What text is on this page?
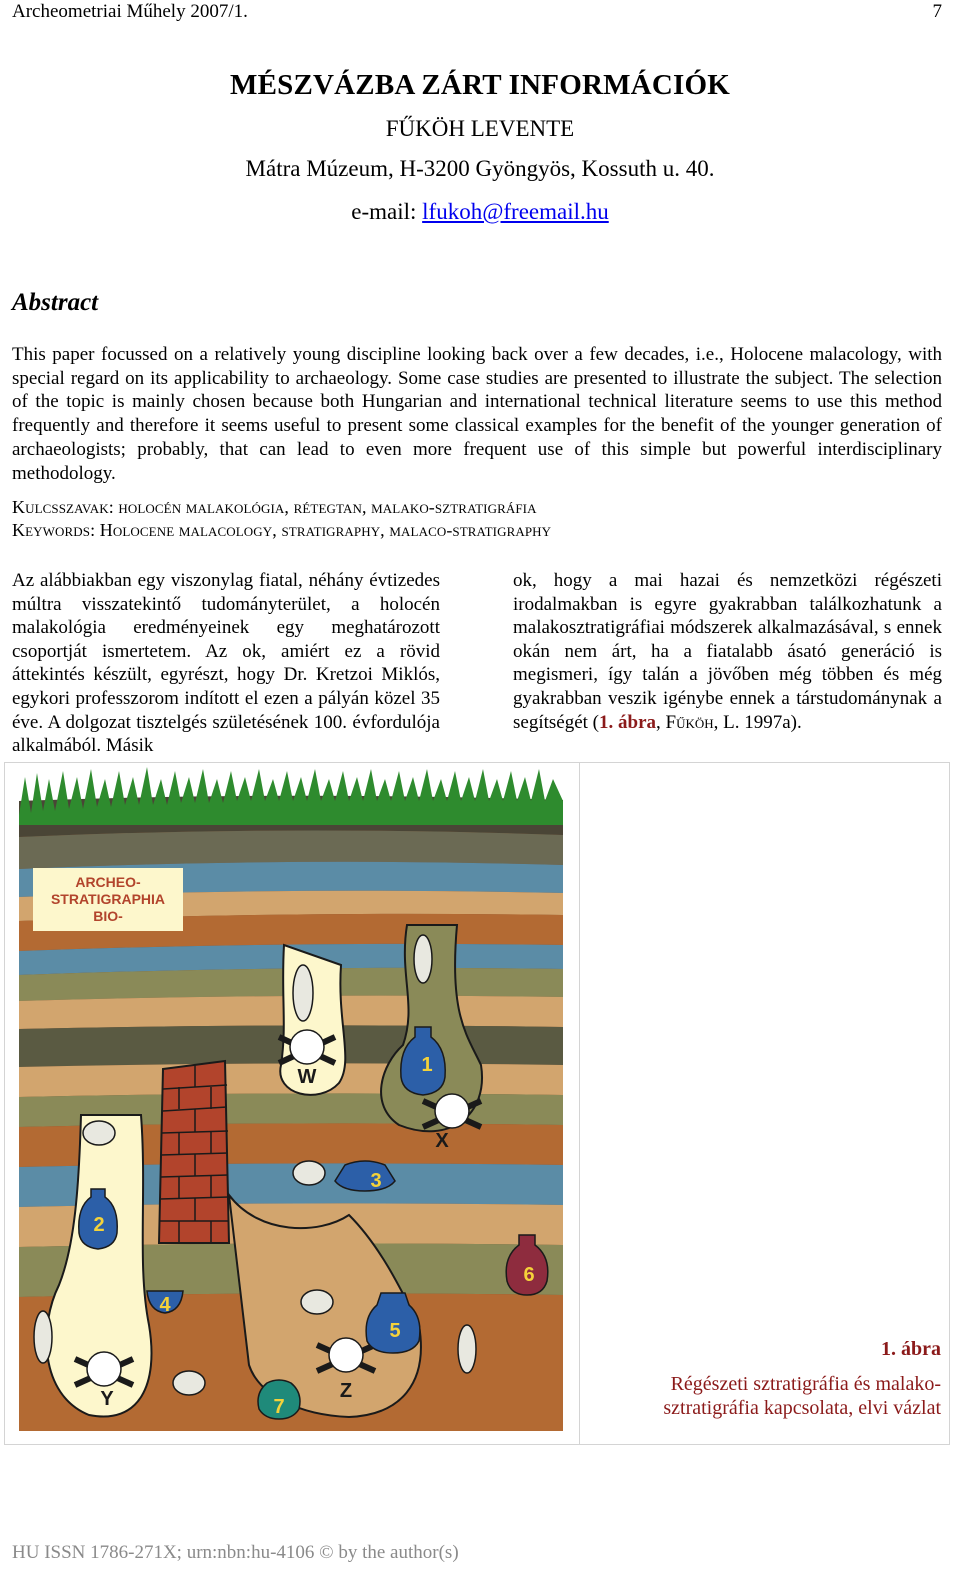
Archeometriai Műhely 2007/1.	7
MÉSZVÁZBA ZÁRT INFORMÁCIÓK
FŰKÖH LEVENTE
Mátra Múzeum, H-3200 Gyöngyös, Kossuth u. 40.
e-mail: lfukoh@freemail.hu
Abstract
This paper focussed on a relatively young discipline looking back over a few decades, i.e., Holocene malacology, with special regard on its applicability to archaeology. Some case studies are presented to illustrate the subject. The selection of the topic is mainly chosen because both Hungarian and international technical literature seems to use this method frequently and therefore it seems useful to present some classical examples for the benefit of the younger generation of archaeologists; probably, that can lead to even more frequent use of this simple but powerful interdisciplinary methodology.
Kulcsszavak: holocén malakológia, rétegtan, malako-sztratigráfia
Keywords: Holocene malacology, stratigraphy, malaco-stratigraphy
Az alábbiakban egy viszonylag fiatal, néhány évtizedes múltra visszatekintő tudományterület, a holocén malakológia eredményeinek egy meghatározott csoportját ismertetem. Az ok, amiért ez a rövid áttekintés készült, egyrészt, hogy Dr. Kretzoi Miklós, egykori professzorom indított el ezen a pályán közel 35 éve. A dolgozat tisztelgés születésének 100. évfordulója alkalmából. Másik
ok, hogy a mai hazai és nemzetközi régészeti irodalmakban is egyre gyakrabban találkozhatunk a malakosztratigráfiai módszerek alkalmazásával, s ennek okán nem árt, ha a fiatalabb ásató generáció is megismeri, így talán a jövőben még többen és még gyakrabban veszik igénybe ennek a társtudománynak a segítségét (1. ábra, Fűköh, L. 1997a).
ARCHEO-
STRATIGRAPHIA
BIO-
W
X
Y	Z
1
2
3
4
5
6
7
1. ábra
Régészeti sztratigráfia és malako-sztratigráfia kapcsolata, elvi vázlat
HU ISSN 1786-271X; urn:nbn:hu-4106 © by the author(s)
